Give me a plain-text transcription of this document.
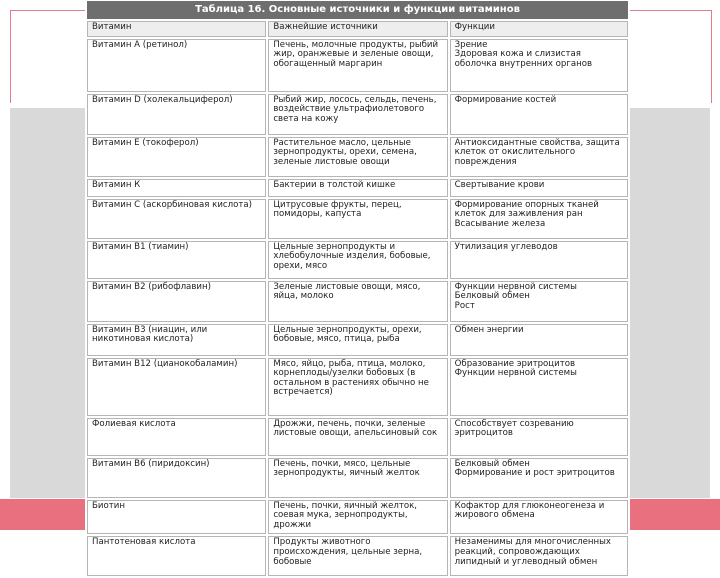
Таблица 16. Основные источники и функции витаминов
Витамин	Важнейшие источники	Функции
Витамин А (ретинол)	Печень, молочные продукты, рыбий жир, оранжевые и зеленые овощи, обогащенный маргарин	Зрение
Здоровая кожа и слизистая оболочка внутренних органов

Витамин D (холекальциферол)	Рыбий жир, лосось, сельдь, печень, воздействие ультрафиолетового света на кожу	Формирование костей

Витамин Е (токоферол)	Растительное масло, цельные зернопродукты, орехи, семена, зеленые листовые овощи	Антиоксидантные свойства, защита клеток от окислительного повреждения

Витамин К	Бактерии в толстой кишке	Свертывание крови

Витамин С (аскорбиновая кислота)	Цитрусовые фрукты, перец, помидоры, капуста	Формирование опорных тканей
клеток для заживления ран
Всасывание железа

Витамин В1 (тиамин)	Цельные зернопродукты и хлебобулочные изделия, бобовые, орехи, мясо	Утилизация углеводов

Витамин В2 (рибофлавин)	Зеленые листовые овощи, мясо, яйца, молоко	Функции нервной системы
Белковый обмен
Рост

Витамин В3 (ниацин, или никотиновая кислота)	Цельные зернопродукты, орехи, бобовые, мясо, птица, рыба	Обмен энергии

Витамин В12 (цианокобаламин)	Мясо, яйцо, рыба, птица, молоко, корнеплоды/узелки бобовых (в остальном в растениях обычно не встречается)	Образование эритроцитов
Функции нервной системы

Фолиевая кислота	Дрожжи, печень, почки, зеленые листовые овощи, апельсиновый сок	Способствует созреванию эритроцитов

Витамин В6 (пиридоксин)	Печень, почки, мясо, цельные зернопродукты, яичный желток	Белковый обмен
Формирование и рост эритроцитов

Биотин	Печень, почки, яичный желток, соевая мука, зернопродукты, дрожжи	Кофактор для глюконеогенеза и жирового обмена

Пантотеновая кислота	Продукты животного происхождения, цельные зерна, бобовые	Незаменимы для многочисленных реакций, сопровождающих липидный и углеводный обмен
